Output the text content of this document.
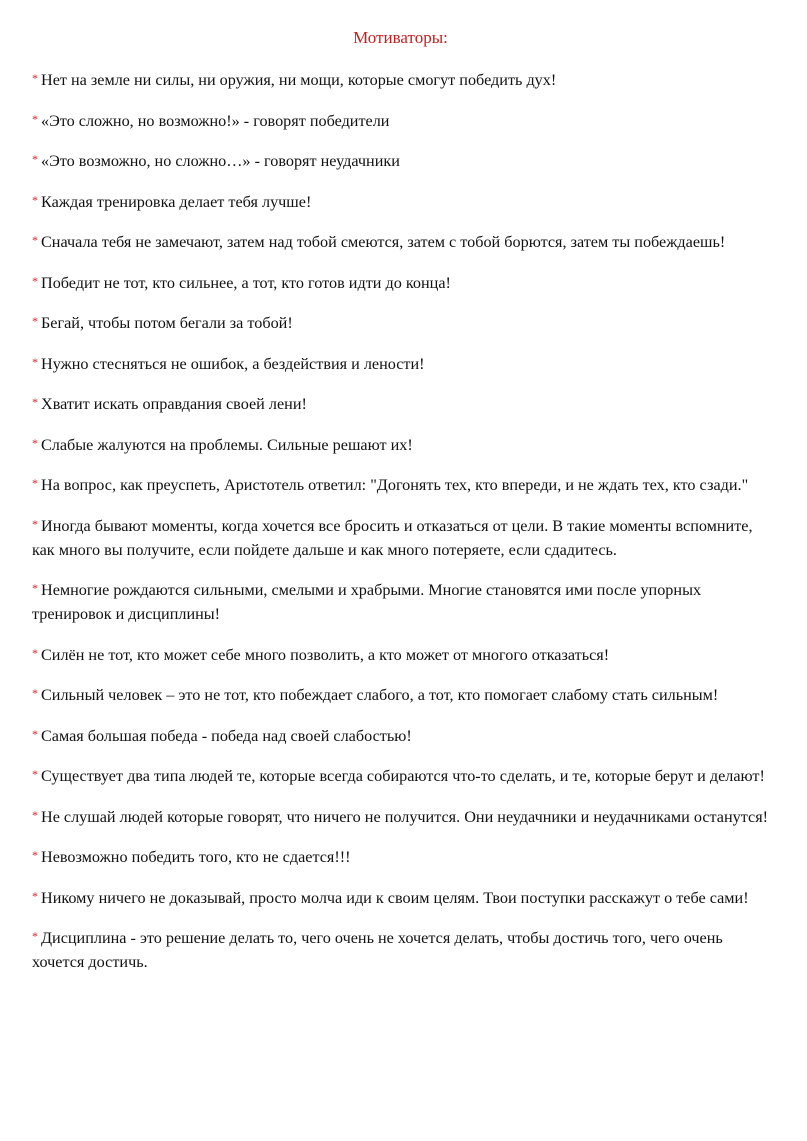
Мотиваторы:
* Нет на земле ни силы, ни оружия, ни мощи, которые смогут победить дух!
* «Это сложно, но возможно!» - говорят победители
* «Это возможно, но сложно…» - говорят неудачники
* Каждая тренировка делает тебя лучше!
* Сначала тебя не замечают, затем над тобой смеются, затем с тобой борются, затем ты побеждаешь!
* Победит не тот, кто сильнее, а тот, кто готов идти до конца!
* Бегай, чтобы потом бегали за тобой!
* Нужно стесняться не ошибок, а бездействия и лености!
* Хватит искать оправдания своей лени!
* Слабые жалуются на проблемы. Сильные решают их!
* На вопрос, как преуспеть, Аристотель ответил: "Догонять тех, кто впереди, и не ждать тех, кто сзади."
* Иногда бывают моменты, когда хочется все бросить и отказаться от цели. В такие моменты вспомните, как много вы получите, если пойдете дальше и как много потеряете, если сдадитесь.
* Немногие рождаются сильными, смелыми и храбрыми. Многие становятся ими после упорных тренировок и дисциплины!
* Силён не тот, кто может себе много позволить, а кто может от многого отказаться!
* Сильный человек – это не тот, кто побеждает слабого, а тот, кто помогает слабому стать сильным!
* Самая большая победа - победа над своей слабостью!
* Существует два типа людей те, которые всегда собираются что-то сделать, и те, которые берут и делают!
* Не слушай людей которые говорят, что ничего не получится. Они неудачники и неудачниками останутся!
* Невозможно победить того, кто не сдается!!!
* Никому ничего не доказывай, просто молча иди к своим целям. Твои поступки расскажут о тебе сами!
* Дисциплина - это решение делать то, чего очень не хочется делать, чтобы достичь того, чего очень хочется достичь.
